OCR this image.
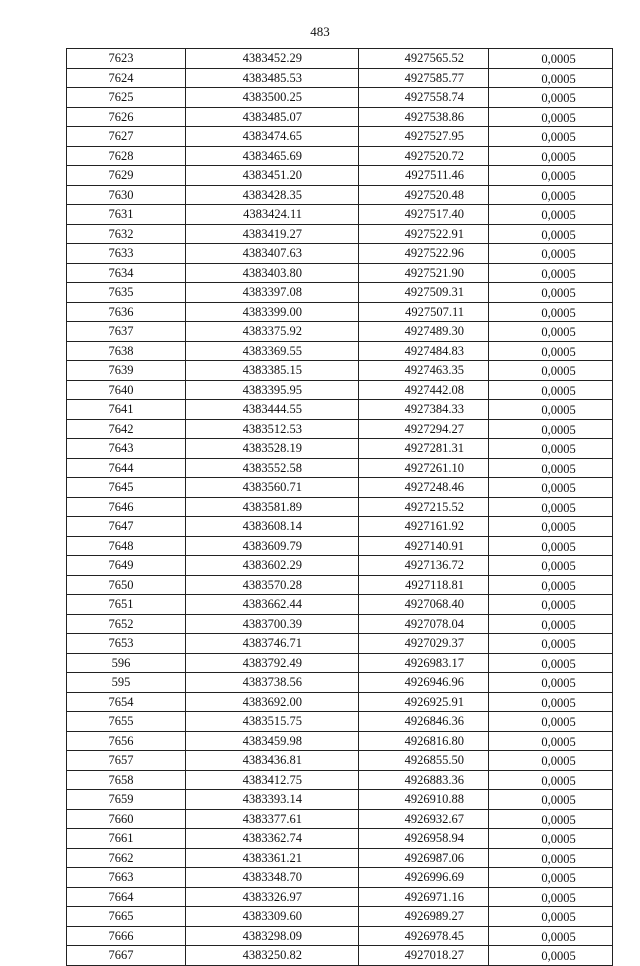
483
7623	4383452.29	4927565.52	0,0005
7624	4383485.53	4927585.77	0,0005
7625	4383500.25	4927558.74	0,0005
7626	4383485.07	4927538.86	0,0005
7627	4383474.65	4927527.95	0,0005
7628	4383465.69	4927520.72	0,0005
7629	4383451.20	4927511.46	0,0005
7630	4383428.35	4927520.48	0,0005
7631	4383424.11	4927517.40	0,0005
7632	4383419.27	4927522.91	0,0005
7633	4383407.63	4927522.96	0,0005
7634	4383403.80	4927521.90	0,0005
7635	4383397.08	4927509.31	0,0005
7636	4383399.00	4927507.11	0,0005
7637	4383375.92	4927489.30	0,0005
7638	4383369.55	4927484.83	0,0005
7639	4383385.15	4927463.35	0,0005
7640	4383395.95	4927442.08	0,0005
7641	4383444.55	4927384.33	0,0005
7642	4383512.53	4927294.27	0,0005
7643	4383528.19	4927281.31	0,0005
7644	4383552.58	4927261.10	0,0005
7645	4383560.71	4927248.46	0,0005
7646	4383581.89	4927215.52	0,0005
7647	4383608.14	4927161.92	0,0005
7648	4383609.79	4927140.91	0,0005
7649	4383602.29	4927136.72	0,0005
7650	4383570.28	4927118.81	0,0005
7651	4383662.44	4927068.40	0,0005
7652	4383700.39	4927078.04	0,0005
7653	4383746.71	4927029.37	0,0005
596	4383792.49	4926983.17	0,0005
595	4383738.56	4926946.96	0,0005
7654	4383692.00	4926925.91	0,0005
7655	4383515.75	4926846.36	0,0005
7656	4383459.98	4926816.80	0,0005
7657	4383436.81	4926855.50	0,0005
7658	4383412.75	4926883.36	0,0005
7659	4383393.14	4926910.88	0,0005
7660	4383377.61	4926932.67	0,0005
7661	4383362.74	4926958.94	0,0005
7662	4383361.21	4926987.06	0,0005
7663	4383348.70	4926996.69	0,0005
7664	4383326.97	4926971.16	0,0005
7665	4383309.60	4926989.27	0,0005
7666	4383298.09	4926978.45	0,0005
7667	4383250.82	4927018.27	0,0005
